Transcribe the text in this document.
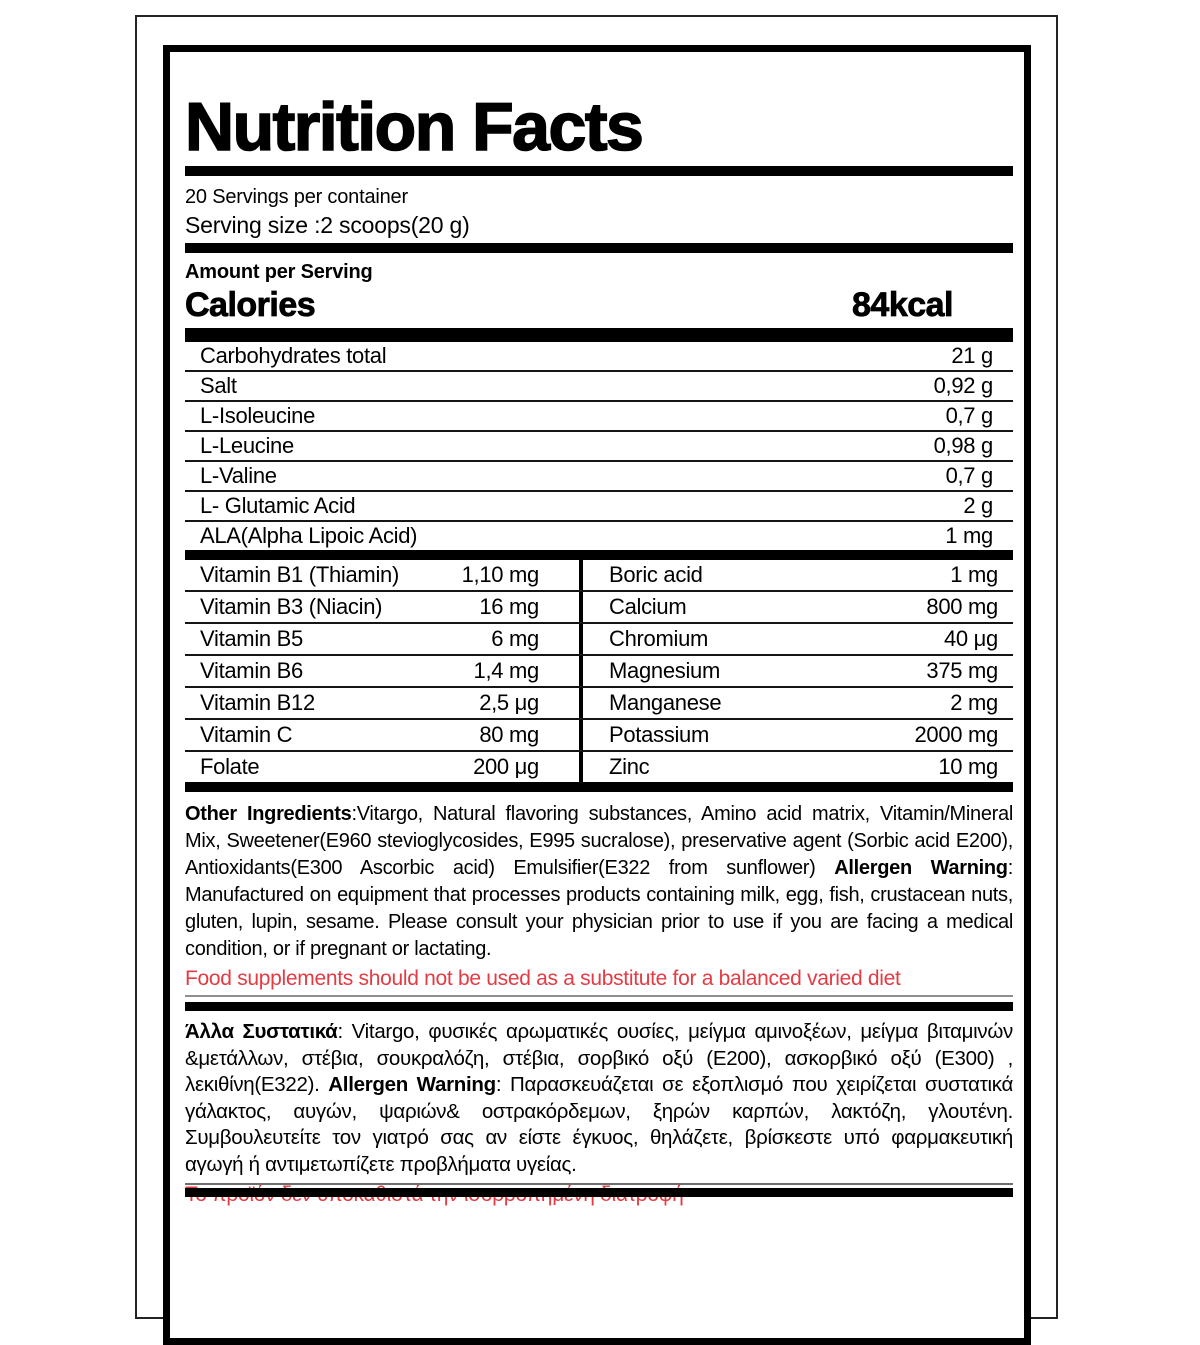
Nutrition Facts
20 Servings per container
Serving size :2 scoops(20 g)
Amount per Serving
Calories	84kcal
Carbohydrates total	21 g
Salt	0,92 g
L-Isoleucine	0,7 g
L-Leucine	0,98 g
L-Valine	0,7 g
L- Glutamic Acid	2 g
ALA(Alpha Lipoic Acid)	1 mg
Vitamin B1 (Thiamin)	1,10 mg	Boric acid	1 mg
Vitamin B3 (Niacin)	16 mg	Calcium	800 mg
Vitamin B5	6 mg	Chromium	40 μg
Vitamin B6	1,4 mg	Magnesium	375 mg
Vitamin B12	2,5 μg	Manganese	2 mg
Vitamin C	80 mg	Potassium	2000 mg
Folate	200 μg	Zinc	10 mg
Other Ingredients:Vitargo, Natural flavoring substances, Amino acid matrix, Vitamin/Mineral Mix, Sweetener(E960 stevioglycosides, E995 sucralose), preservative agent (Sorbic acid E200), Antioxidants(E300 Ascorbic acid) Emulsifier(E322 from sunflower) Allergen Warning: Manufactured on equipment that processes products containing milk, egg, fish, crustacean nuts, gluten, lupin, sesame. Please consult your physician prior to use if you are facing a medical condition, or if pregnant or lactating.
Food supplements should not be used as a substitute for a balanced varied diet
Άλλα Συστατικά: Vitargo, φυσικές αρωματικές ουσίες, μείγμα αμινοξέων, μείγμα βιταμινών &μετάλλων, στέβια, σουκραλόζη, στέβια, σορβικό οξύ (Ε200), ασκορβικό οξύ (Ε300) , λεκιθίνη(Ε322). Allergen Warning: Παρασκευάζεται σε εξοπλισμό που χειρίζεται συστατικά γάλακτος, αυγών, ψαριών& οστρακόρδεμων, ξηρών καρπών, λακτόζη, γλουτένη. Συμβουλευτείτε τον γιατρό σας αν είστε έγκυος, θηλάζετε, βρίσκεστε υπό φαρμακευτική αγωγή ή αντιμετωπίζετε προβλήματα υγείας.
